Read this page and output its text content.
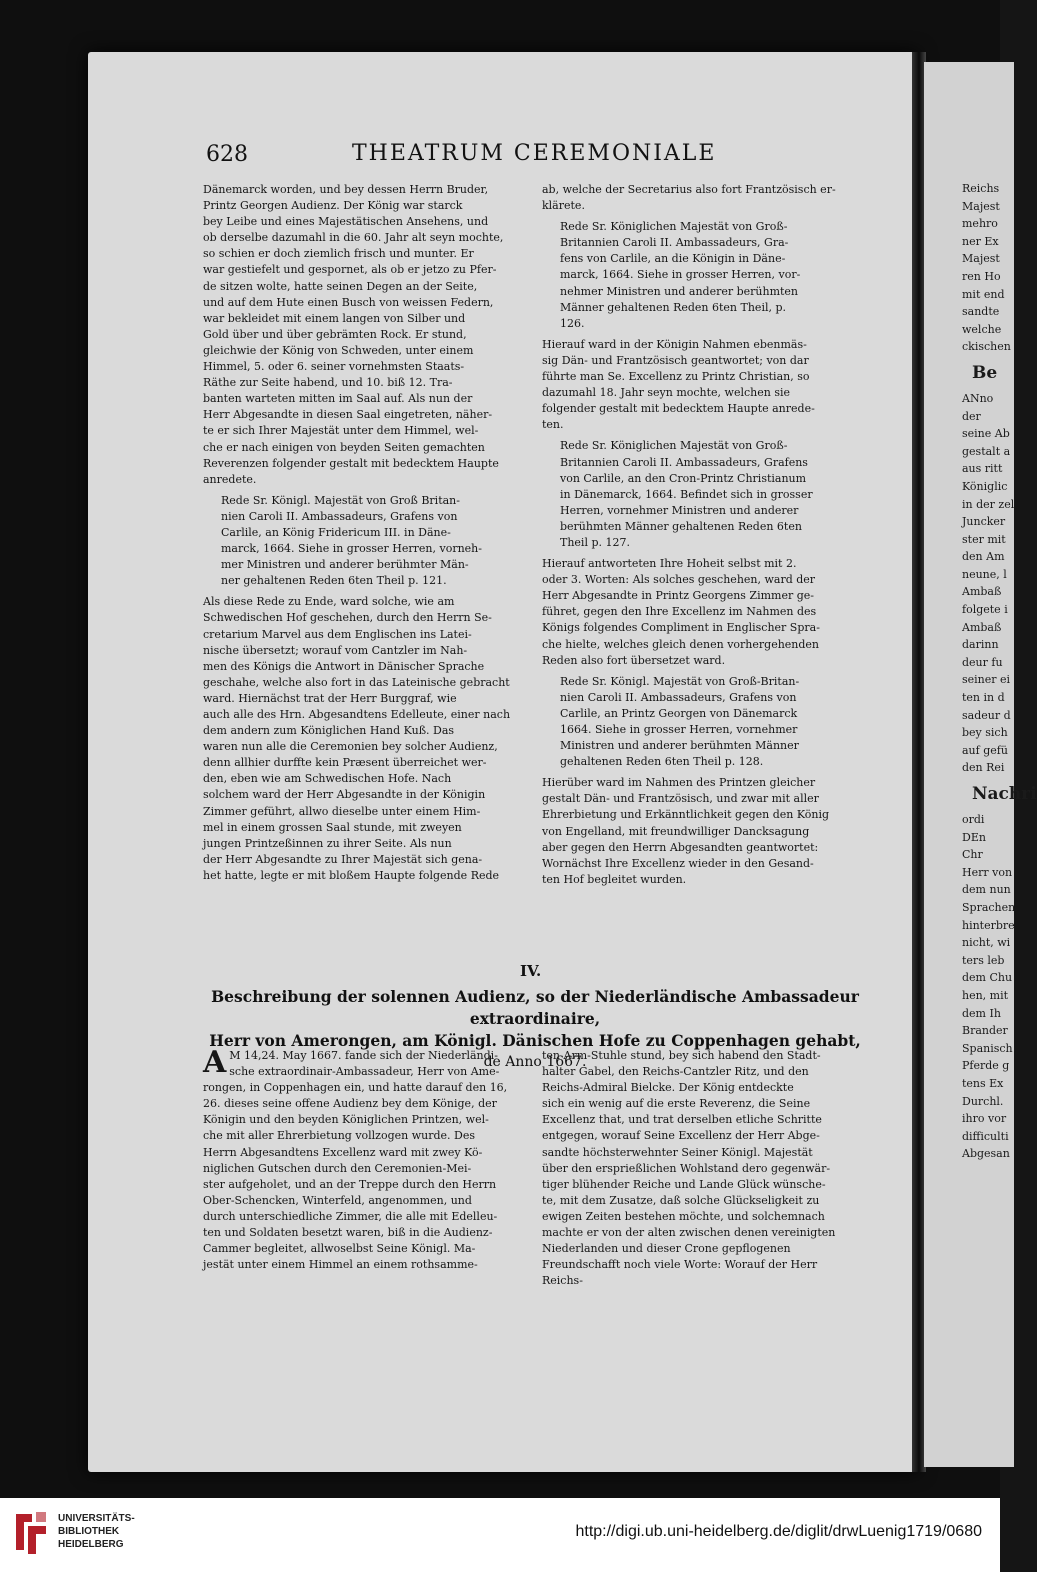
Reichs

Majest

mehro

ner Ex

Majest

ren Ho

mit end

sandte

welche

ckischen

Be

ANno

der

seine Ab

gestalt a

aus ritt

Königlic

in der zel

Juncker

ster mit

den Am

neune, l

Ambaß

folgete i

Ambaß

darinn

deur fu

seiner ei

ten in d

sadeur d

bey sich

auf gefü

den Rei

Nachri

ordi

DEn

Chr

Herr von

dem nun

Sprachen

hinterbre

nicht, wi

ters leb

dem Chu

hen, mit

dem Ih

Brander

Spanisch

Pferde g

tens Ex

Durchl.

ihro vor

difficulti

Abgesan

628	THEATRUM CEREMONIALE

Dänemarck worden, und bey dessen Herrn Bruder,

Printz Georgen Audienz. Der König war starck

bey Leibe und eines Majestätischen Ansehens, und

ob derselbe dazumahl in die 60. Jahr alt seyn mochte,

so schien er doch ziemlich frisch und munter. Er

war gestiefelt und gespornet, als ob er jetzo zu Pfer-

de sitzen wolte, hatte seinen Degen an der Seite,

und auf dem Hute einen Busch von weissen Federn,

war bekleidet mit einem langen von Silber und

Gold über und über gebrämten Rock. Er stund,

gleichwie der König von Schweden, unter einem

Himmel, 5. oder 6. seiner vornehmsten Staats-

Räthe zur Seite habend, und 10. biß 12. Tra-

banten warteten mitten im Saal auf. Als nun der

Herr Abgesandte in diesen Saal eingetreten, näher-

te er sich Ihrer Majestät unter dem Himmel, wel-

che er nach einigen von beyden Seiten gemachten

Reverenzen folgender gestalt mit bedecktem Haupte

anredete.

Rede Sr. Königl. Majestät von Groß Britan-

nien Caroli II. Ambassadeurs, Grafens von

Carlile, an König Fridericum III. in Däne-

marck, 1664. Siehe in grosser Herren, vorneh-

mer Ministren und anderer berühmter Män-

ner gehaltenen Reden 6ten Theil p. 121.

Als diese Rede zu Ende, ward solche, wie am

Schwedischen Hof geschehen, durch den Herrn Se-

cretarium Marvel aus dem Englischen ins Latei-

nische übersetzt; worauf vom Cantzler im Nah-

men des Königs die Antwort in Dänischer Sprache

geschahe, welche also fort in das Lateinische gebracht

ward. Hiernächst trat der Herr Burggraf, wie

auch alle des Hrn. Abgesandtens Edelleute, einer nach

dem andern zum Königlichen Hand Kuß. Das

waren nun alle die Ceremonien bey solcher Audienz,

denn allhier durffte kein Præsent überreichet wer-

den, eben wie am Schwedischen Hofe. Nach

solchem ward der Herr Abgesandte in der Königin

Zimmer geführt, allwo dieselbe unter einem Him-

mel in einem grossen Saal stunde, mit zweyen

jungen Printzeßinnen zu ihrer Seite. Als nun

der Herr Abgesandte zu Ihrer Majestät sich gena-

het hatte, legte er mit bloßem Haupte folgende Rede

ab, welche der Secretarius also fort Frantzösisch er-

klärete.

Rede Sr. Königlichen Majestät von Groß-

Britannien Caroli II. Ambassadeurs, Gra-

fens von Carlile, an die Königin in Däne-

marck, 1664. Siehe in grosser Herren, vor-

nehmer Ministren und anderer berühmten

Männer gehaltenen Reden 6ten Theil, p.

126.

Hierauf ward in der Königin Nahmen ebenmäs-

sig Dän- und Frantzösisch geantwortet; von dar

führte man Se. Excellenz zu Printz Christian, so

dazumahl 18. Jahr seyn mochte, welchen sie

folgender gestalt mit bedecktem Haupte anrede-

ten.

Rede Sr. Königlichen Majestät von Groß-

Britannien Caroli II. Ambassadeurs, Grafens

von Carlile, an den Cron-Printz Christianum

in Dänemarck, 1664. Befindet sich in grosser

Herren, vornehmer Ministren und anderer

berühmten Männer gehaltenen Reden 6ten

Theil p. 127.

Hierauf antworteten Ihre Hoheit selbst mit 2.

oder 3. Worten: Als solches geschehen, ward der

Herr Abgesandte in Printz Georgens Zimmer ge-

führet, gegen den Ihre Excellenz im Nahmen des

Königs folgendes Compliment in Englischer Spra-

che hielte, welches gleich denen vorhergehenden

Reden also fort übersetzet ward.

Rede Sr. Königl. Majestät von Groß-Britan-

nien Caroli II. Ambassadeurs, Grafens von

Carlile, an Printz Georgen von Dänemarck

1664. Siehe in grosser Herren, vornehmer

Ministren und anderer berühmten Männer

gehaltenen Reden 6ten Theil p. 128.

Hierüber ward im Nahmen des Printzen gleicher

gestalt Dän- und Frantzösisch, und zwar mit aller

Ehrerbietung und Erkänntlichkeit gegen den König

von Engelland, mit freundwilliger Dancksagung

aber gegen den Herrn Abgesandten geantwortet:

Wornächst Ihre Excellenz wieder in den Gesand-

ten Hof begleitet wurden.

IV.

Beschreibung der solennen Audienz, so der Niederländische Ambassadeur extraordinaire,

Herr von Amerongen, am Königl. Dänischen Hofe zu Coppenhagen gehabt,

de Anno 1667.

A M 14,24. May 1667. fande sich der Niederländi-

sche extraordinair-Ambassadeur, Herr von Ame-

rongen, in Coppenhagen ein, und hatte darauf den 16,

26. dieses seine offene Audienz bey dem Könige, der

Königin und den beyden Königlichen Printzen, wel-

che mit aller Ehrerbietung vollzogen wurde. Des

Herrn Abgesandtens Excellenz ward mit zwey Kö-

niglichen Gutschen durch den Ceremonien-Mei-

ster aufgeholet, und an der Treppe durch den Herrn

Ober-Schencken, Winterfeld, angenommen, und

durch unterschiedliche Zimmer, die alle mit Edelleu-

ten und Soldaten besetzt waren, biß in die Audienz-

Cammer begleitet, allwoselbst Seine Königl. Ma-

jestät unter einem Himmel an einem rothsamme-

ten Arm-Stuhle stund, bey sich habend den Stadt-

halter Gabel, den Reichs-Cantzler Ritz, und den

Reichs-Admiral Bielcke. Der König entdeckte

sich ein wenig auf die erste Reverenz, die Seine

Excellenz that, und trat derselben etliche Schritte

entgegen, worauf Seine Excellenz der Herr Abge-

sandte höchsterwehnter Seiner Königl. Majestät

über den ersprießlichen Wohlstand dero gegenwär-

tiger blühender Reiche und Lande Glück wünsche-

te, mit dem Zusatze, daß solche Glückseligkeit zu

ewigen Zeiten bestehen möchte, und solchemnach

machte er von der alten zwischen denen vereinigten

Niederlanden und dieser Crone gepflogenen

Freundschafft noch viele Worte: Worauf der Herr

Reichs-

UNIVERSITÄTS-
BIBLIOTHEK
HEIDELBERG
http://digi.ub.uni-heidelberg.de/diglit/drwLuenig1719/0680
